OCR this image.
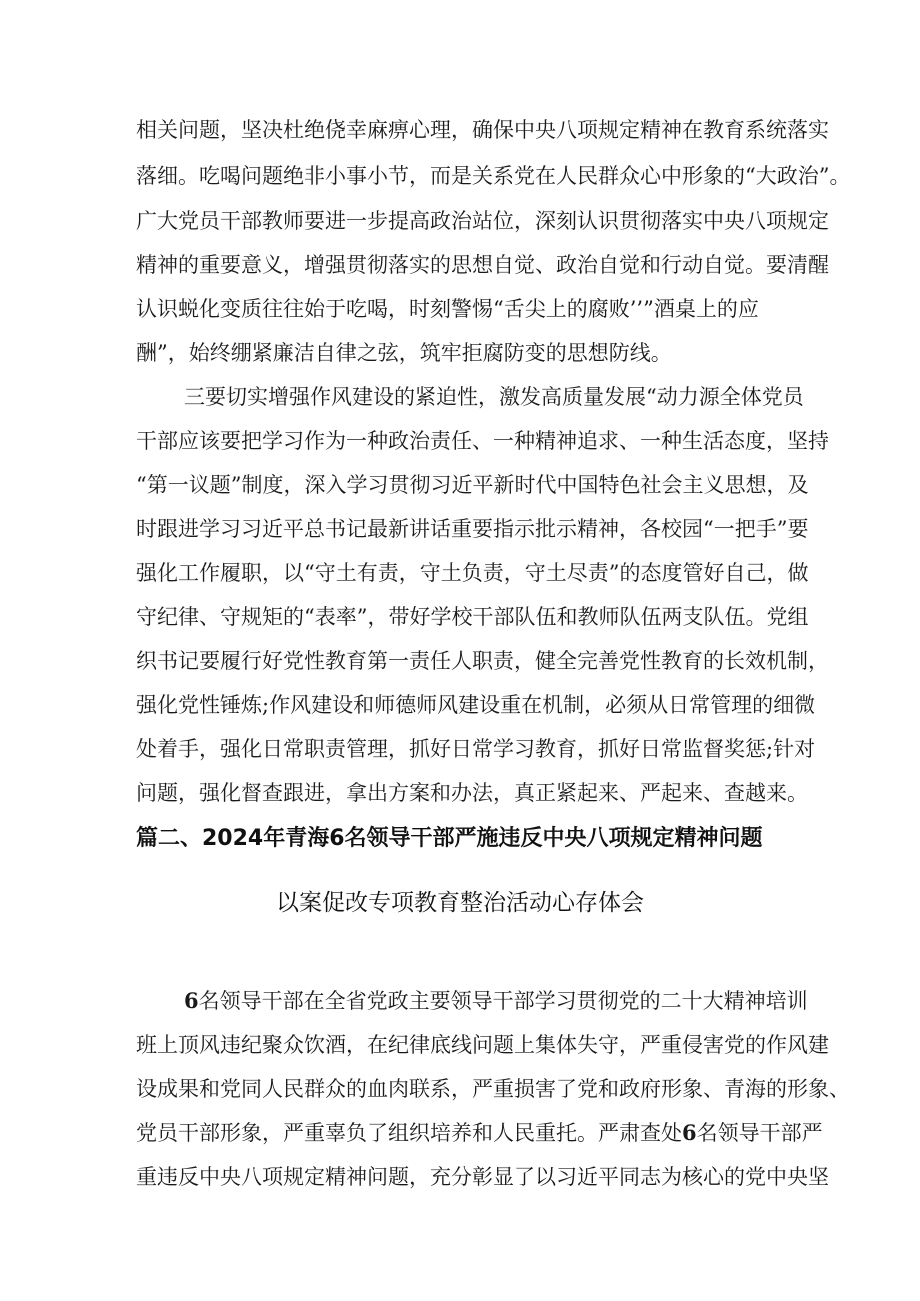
相关问题，坚决杜绝侥幸麻痹心理，确保中央八项规定精神在教育系统落实
落细。吃喝问题绝非小事小节，而是关系党在人民群众心中形象的“大政治”。
广大党员干部教师要进一步提高政治站位，深刻认识贯彻落实中央八项规定
精神的重要意义，增强贯彻落实的思想自觉、政治自觉和行动自觉。要清醒
认识蜕化变质往往始于吃喝，时刻警惕“舌尖上的腐败’’”酒桌上的应
酬”，始终绷紧廉洁自律之弦，筑牢拒腐防变的思想防线。
三要切实增强作风建设的紧迫性，激发高质量发展“动力源全体党员
干部应该要把学习作为一种政治责任、一种精神追求、一种生活态度，坚持
“第一议题”制度，深入学习贯彻习近平新时代中国特色社会主义思想，及
时跟进学习习近平总书记最新讲话重要指示批示精神，各校园“一把手”要
强化工作履职，以“守土有责，守土负责，守土尽责”的态度管好自己，做
守纪律、守规矩的“表率”，带好学校干部队伍和教师队伍两支队伍。党组
织书记要履行好党性教育第一责任人职责，健全完善党性教育的长效机制，
强化党性锤炼;作风建设和师德师风建设重在机制，必须从日常管理的细微
处着手，强化日常职责管理，抓好日常学习教育，抓好日常监督奖惩;针对
问题，强化督查跟进，拿出方案和办法，真正紧起来、严起来、查越来。
篇二、2024年青海6名领导干部严施违反中央八项规定精神问题
以案促改专项教育整治活动心存体会
6名领导干部在全省党政主要领导干部学习贯彻党的二十大精神培训
班上顶风违纪聚众饮酒，在纪律底线问题上集体失守，严重侵害党的作风建
设成果和党同人民群众的血肉联系，严重损害了党和政府形象、青海的形象、
党员干部形象，严重辜负了组织培养和人民重托。严肃查处6名领导干部严
重违反中央八项规定精神问题，充分彰显了以习近平同志为核心的党中央坚
